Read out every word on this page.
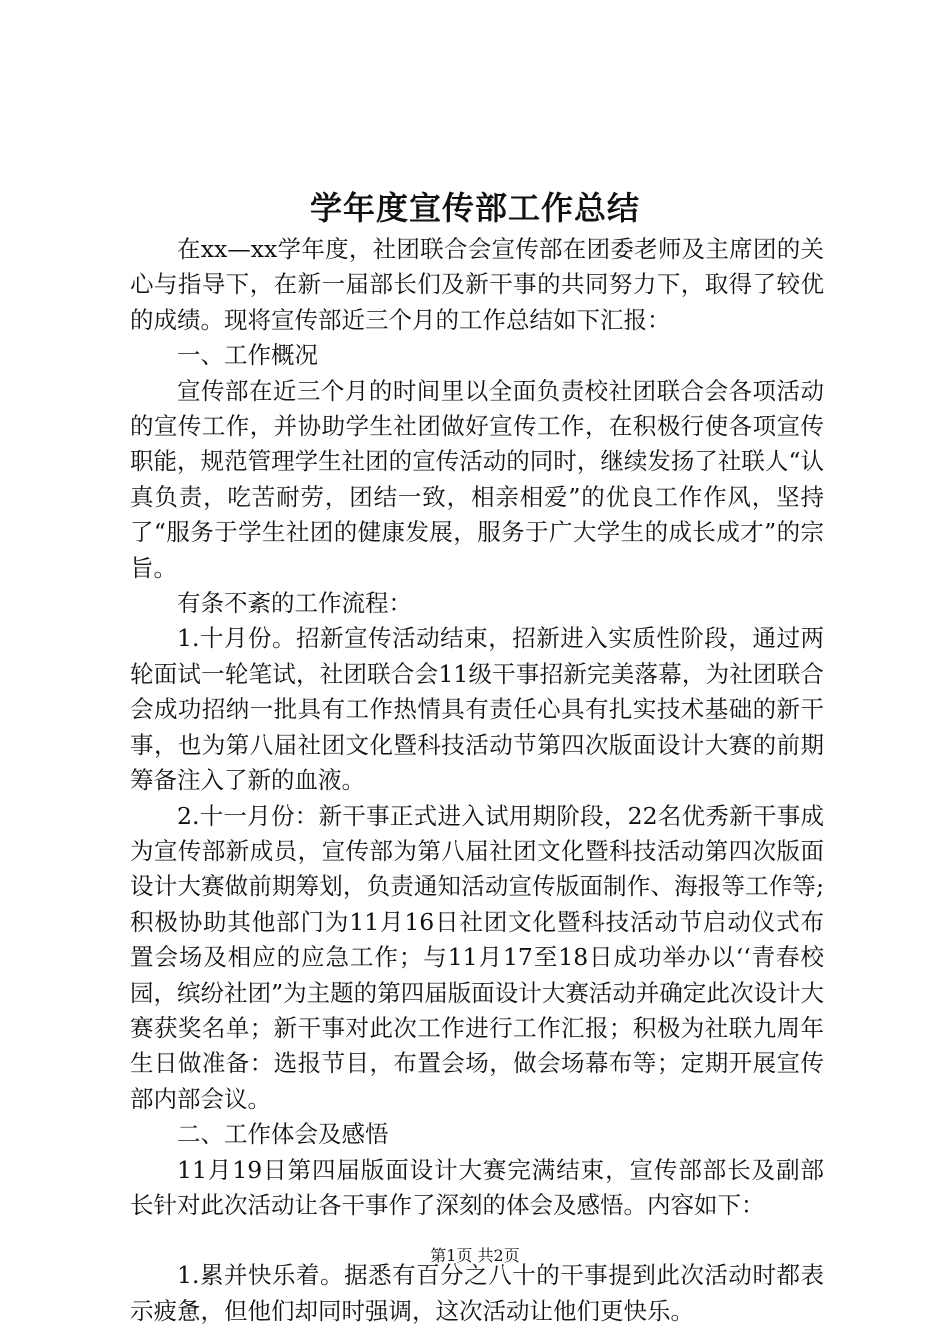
学年度宣传部工作总结

在xx—xx学年度，社团联合会宣传部在团委老师及主席团的关心与指导下，在新一届部长们及新干事的共同努力下，取得了较优的成绩。现将宣传部近三个月的工作总结如下汇报：

一、工作概况

宣传部在近三个月的时间里以全面负责校社团联合会各项活动的宣传工作，并协助学生社团做好宣传工作，在积极行使各项宣传职能，规范管理学生社团的宣传活动的同时，继续发扬了社联人“认真负责，吃苦耐劳，团结一致，相亲相爱”的优良工作作风，坚持了“服务于学生社团的健康发展，服务于广大学生的成长成才”的宗旨。

有条不紊的工作流程：

1.十月份。招新宣传活动结束，招新进入实质性阶段，通过两轮面试一轮笔试，社团联合会11级干事招新完美落幕，为社团联合会成功招纳一批具有工作热情具有责任心具有扎实技术基础的新干事，也为第八届社团文化暨科技活动节第四次版面设计大赛的前期筹备注入了新的血液。

2.十一月份：新干事正式进入试用期阶段，22名优秀新干事成为宣传部新成员，宣传部为第八届社团文化暨科技活动第四次版面设计大赛做前期筹划，负责通知活动宣传版面制作、海报等工作等;积极协助其他部门为11月16日社团文化暨科技活动节启动仪式布置会场及相应的应急工作；与11月17至18日成功举办以‘‘青春校园，缤纷社团”为主题的第四届版面设计大赛活动并确定此次设计大赛获奖名单；新干事对此次工作进行工作汇报；积极为社联九周年生日做准备：选报节目，布置会场，做会场幕布等；定期开展宣传部内部会议。

二、工作体会及感悟

11月19日第四届版面设计大赛完满结束，宣传部部长及副部长针对此次活动让各干事作了深刻的体会及感悟。内容如下：

1.累并快乐着。据悉有百分之八十的干事提到此次活动时都表示疲惫，但他们却同时强调，这次活动让他们更快乐。

第1页 共2页
